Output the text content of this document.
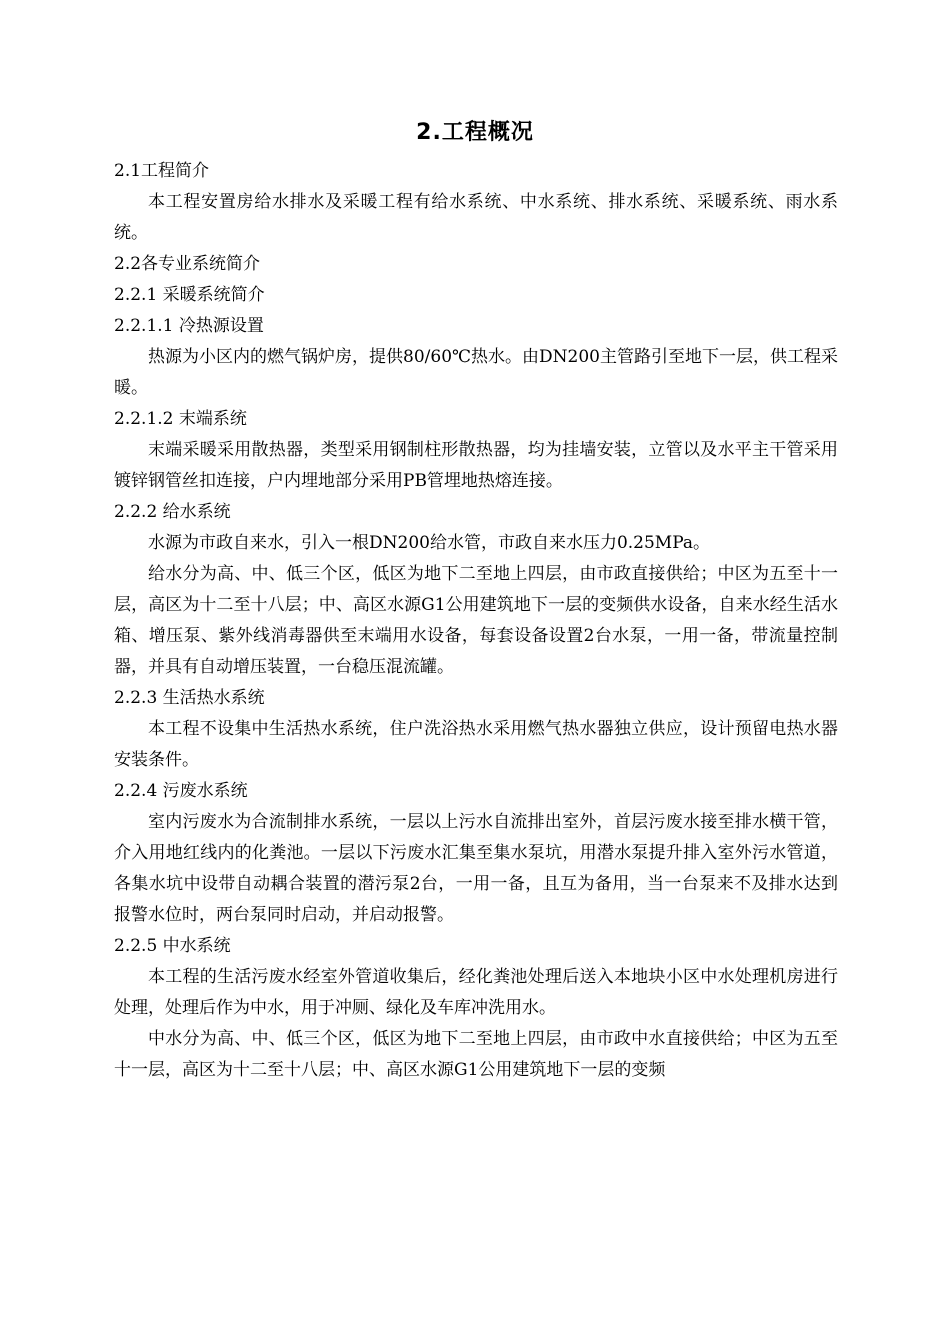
2.工程概况

2.1工程简介

本工程安置房给水排水及采暖工程有给水系统、中水系统、排水系统、采暖系统、雨水系统。

2.2各专业系统简介

2.2.1 采暖系统简介

2.2.1.1 冷热源设置

热源为小区内的燃气锅炉房，提供80/60℃热水。由DN200主管路引至地下一层，供工程采暖。

2.2.1.2 末端系统

末端采暖采用散热器，类型采用钢制柱形散热器，均为挂墙安装，立管以及水平主干管采用镀锌钢管丝扣连接，户内埋地部分采用PB管埋地热熔连接。

2.2.2 给水系统

水源为市政自来水，引入一根DN200给水管，市政自来水压力0.25MPa。

给水分为高、中、低三个区，低区为地下二至地上四层，由市政直接供给；中区为五至十一层，高区为十二至十八层；中、高区水源G1公用建筑地下一层的变频供水设备，自来水经生活水箱、增压泵、紫外线消毒器供至末端用水设备，每套设备设置2台水泵，一用一备，带流量控制器，并具有自动增压装置，一台稳压混流罐。

2.2.3 生活热水系统

本工程不设集中生活热水系统，住户洗浴热水采用燃气热水器独立供应，设计预留电热水器安装条件。

2.2.4 污废水系统

室内污废水为合流制排水系统，一层以上污水自流排出室外，首层污废水接至排水横干管，介入用地红线内的化粪池。一层以下污废水汇集至集水泵坑，用潜水泵提升排入室外污水管道，各集水坑中设带自动耦合装置的潜污泵2台，一用一备，且互为备用，当一台泵来不及排水达到报警水位时，两台泵同时启动，并启动报警。

2.2.5 中水系统

本工程的生活污废水经室外管道收集后，经化粪池处理后送入本地块小区中水处理机房进行处理，处理后作为中水，用于冲厕、绿化及车库冲洗用水。

中水分为高、中、低三个区，低区为地下二至地上四层，由市政中水直接供给；中区为五至十一层，高区为十二至十八层；中、高区水源G1公用建筑地下一层的变频
